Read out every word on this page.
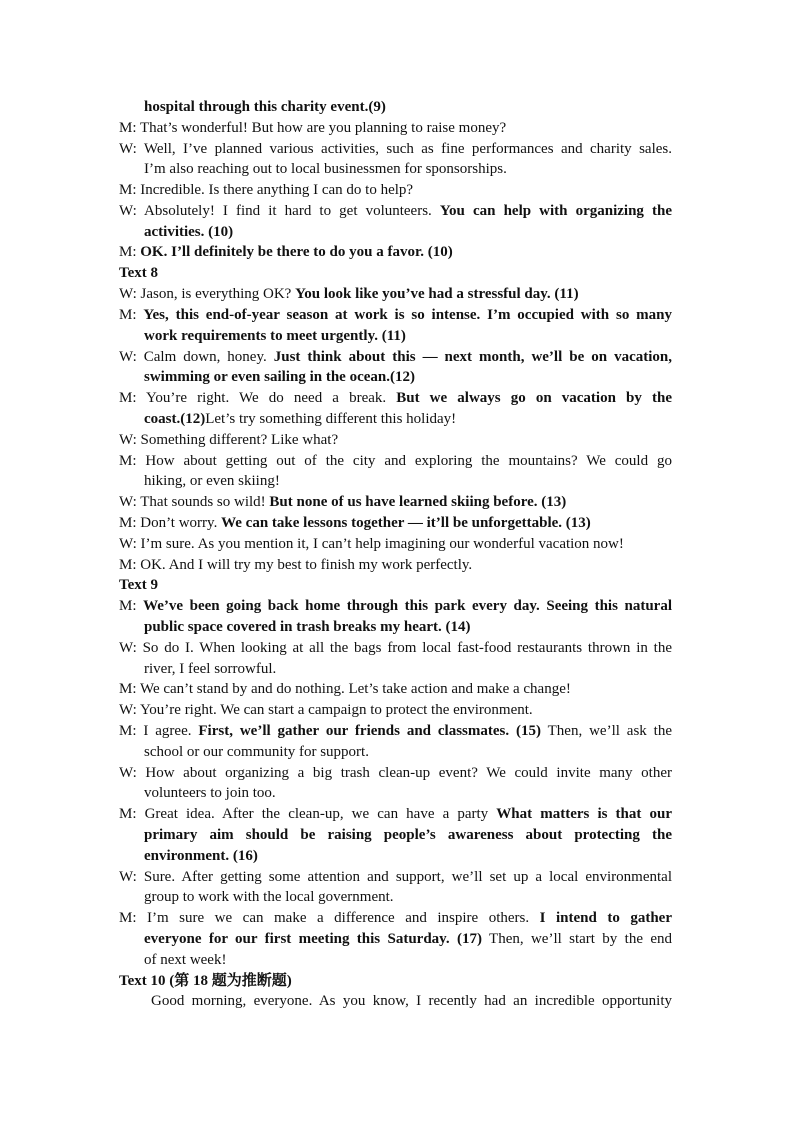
hospital through this charity event.(9)
M: That’s wonderful! But how are you planning to raise money?
W: Well, I’ve planned various activities, such as fine performances and charity sales.
I’m also reaching out to local businessmen for sponsorships.
M: Incredible. Is there anything I can do to help?
W: Absolutely! I find it hard to get volunteers. You can help with organizing the
activities. (10)
M: OK. I’ll definitely be there to do you a favor. (10)
Text 8
W: Jason, is everything OK? You look like you’ve had a stressful day. (11)
M: Yes, this end-of-year season at work is so intense. I’m occupied with so many
work requirements to meet urgently. (11)
W: Calm down, honey. Just think about this — next month, we’ll be on vacation,
swimming or even sailing in the ocean.(12)
M: You’re right. We do need a break. But we always go on vacation by the
coast.(12)Let’s try something different this holiday!
W: Something different? Like what?
M: How about getting out of the city and exploring the mountains? We could go
hiking, or even skiing!
W: That sounds so wild! But none of us have learned skiing before. (13)
M: Don’t worry. We can take lessons together — it’ll be unforgettable. (13)
W: I’m sure. As you mention it, I can’t help imagining our wonderful vacation now!
M: OK. And I will try my best to finish my work perfectly.
Text 9
M: We’ve been going back home through this park every day. Seeing this natural
public space covered in trash breaks my heart. (14)
W: So do I. When looking at all the bags from local fast-food restaurants thrown in the
river, I feel sorrowful.
M: We can’t stand by and do nothing. Let’s take action and make a change!
W: You’re right. We can start a campaign to protect the environment.
M: I agree. First, we’ll gather our friends and classmates. (15) Then, we’ll ask the
school or our community for support.
W: How about organizing a big trash clean-up event? We could invite many other
volunteers to join too.
M: Great idea. After the clean-up, we can have a party What matters is that our
primary aim should be raising people’s awareness about protecting the
environment. (16)
W: Sure. After getting some attention and support, we’ll set up a local environmental
group to work with the local government.
M: I’m sure we can make a difference and inspire others. I intend to gather
everyone for our first meeting this Saturday. (17) Then, we’ll start by the end
of next week!
Text 10 (第 18 题为推断题)
Good morning, everyone. As you know, I recently had an incredible opportunity
